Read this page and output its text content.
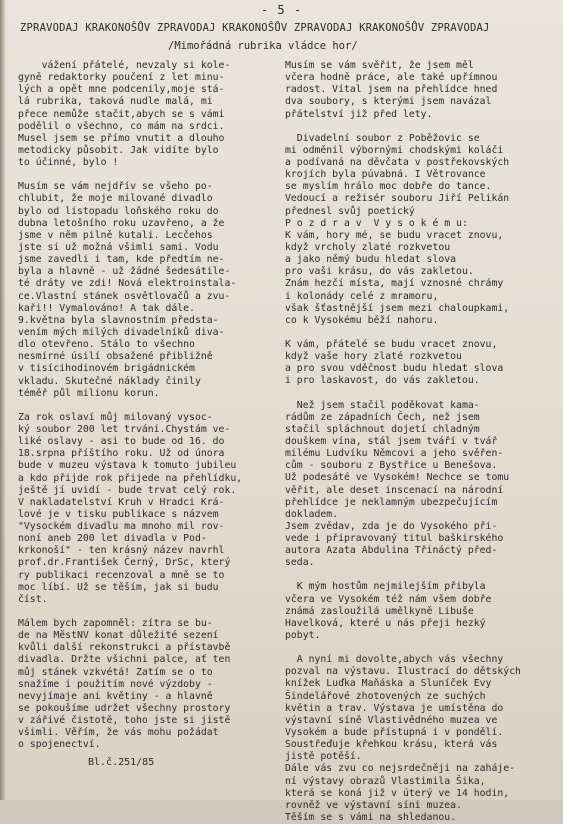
- 5 -
ZPRAVODAJ KRAKONOŠŮV ZPRAVODAJ KRAKONOŠŮV ZPRAVODAJ KRAKONOŠŮV ZPRAVODAJ
/Mimořádná rubrika vládce hor/
vážení přátelé, nevzaly si kole-
gyně redaktorky poučení z let minu-
lých a opět mne podcenily,moje stá-
lá rubrika, taková nudle malá, mi
přece nemůže stačit,abych se s vámi
podělil o všechno, co mám na srdci.
Musel jsem se přímo vnutit a dlouho
metodicky působit. Jak vidíte bylo
to účinné, bylo !
Musím se vám nejdřív se všeho po-
chlubit, že moje milované divadlo
bylo od listopadu loňského roku do
dubna letošního roku uzavřeno, a že
jsme v něm pilně kutali. Lecčehos
jste si už možná všimli sami. Vodu
jsme zavedli i tam, kde předtím ne-
byla a hlavně - už žádné šedesátile-
té dráty ve zdi! Nová elektroinstala-
ce.Vlastní stánek osvětlovačů a zvu-
kaři!! Vymalováno! A tak dále.
9.května byla slavnostním předsta-
vením mých milých divadelníků diva-
dlo otevřeno. Stálo to všechno
nesmírné úsilí obsažené přibližně
v tisícihodinovém brigádnickém
vkladu. Skutečné náklady činily
téměř půl milionu korun.
Za rok oslaví můj milovaný vysoc-
ký soubor 200 let trvání.Chystám ve-
liké oslavy - asi to bude od 16. do
18.srpna příštího roku. Už od února
bude v muzeu výstava k tomuto jubileu
a kdo přijde rok přijede na přehlídku,
ještě jí uvidí - bude trvat celý rok.
V nakladatelství Kruh v Hradci Krá-
lové je v tisku publikace s názvem
"Vysockém divadlu ma mnoho mil rov-
noní aneb 200 let divadla v Pod-
krkonoší" - ten krásný název navrhl
prof.dr.František Černý, DrSc, který
ry publikaci recenzoval a mně se to
moc líbí. Už se těším, jak si budu
číst.
Málem bych zapomněl: zítra se bu-
de na MěstNV konat důležité sezení
kvůli další rekonstrukci a přístavbě
divadla. Držte všichni palce, ať ten
můj stánek vzkvétá! Zatím se o to
snažíme i použitím nové výzdoby -
nevyjímaje ani květiny - a hlavně
se pokoušíme udržet všechny prostory
v zářivé čistotě, toho jste si jistě
všimli. Věřím, že vás mohu požádat
o spojenectví.
Musím se vám svěřit, že jsem měl
včera hodně práce, ale také upřímnou
radost. Vítal jsem na přehlídce hned
dva soubory, s kterými jsem navázal
přátelství již před lety.
Divadelní soubor z Poběžovic se
mi odměnil výbornými chodskými koláči
a podívaná na děvčata v postřekovských
krojích byla púvabná. I Větrovance
se myslím hrálo moc dobře do tance.
Vedoucí a režisér souboru Jiří Pelikán
přednesl svůj poetický
P o z d r a v  V y s o k é m u:
K vám, hory mé, se budu vracet znovu,
když vrcholy zlaté rozkvetou
a jako němý budu hledat slova
pro vaši krásu, do vás zakletou.
Znám hezčí místa, mají vznosné chrámy
i kolonády celé z mramoru,
však šťastnější jsem mezi chaloupkami,
co k Vysokému běží nahoru.
K vám, přátelé se budu vracet znovu,
když vaše hory zlaté rozkvetou
a pro svou vděčnost budu hledat slova
i pro laskavost, do vás zakletou.
Než jsem stačil poděkovat kama-
rádům ze západních Čech, než jsem
stačil spláchnout dojetí chladným
douškem vína, stál jsem tváří v tvář
milému Ludvíku Němcovi a jeho svěřen-
cům - souboru z Bystřice u Benešova.
Už podesáté ve Vysokém! Nechce se tomu
věřit, ale deset inscenací na národní
přehlídce je neklamným ubezpečujícím
dokladem.
Jsem zvědav, zda je do Vysokého při-
vede i připravovaný titul baškirského
autora Azata Abdulina Třináctý před-
seda.
K mým hostům nejmilejším přibyla
včera ve Vysokém též nám všem dobře
známá zasloužilá umělkyně Libuše
Havelková, které u nás přeji hezký
pobyt.
A nyní mi dovolte,abych vás všechny
pozval na výstavu. Ilustrací do dětských
knížek Luďka Maňáska a Sluníček Evy
Šindelářové zhotovených ze suchých
květin a trav. Výstava je umístěna do
výstavní síně Vlastivědného muzea ve
Vysokém a bude přístupná i v pondělí.
Soustřeďuje křehkou krásu, která vás
jistě potěší.
Dále vás zvu co nejsrdečněji na zaháje-
ní výstavy obrazů Vlastimila Šika,
která se koná již v úterý ve 14 hodin,
rovněž ve výstavní síni muzea.
Těším se s vámi na shledanou.
Bl.č.251/85
